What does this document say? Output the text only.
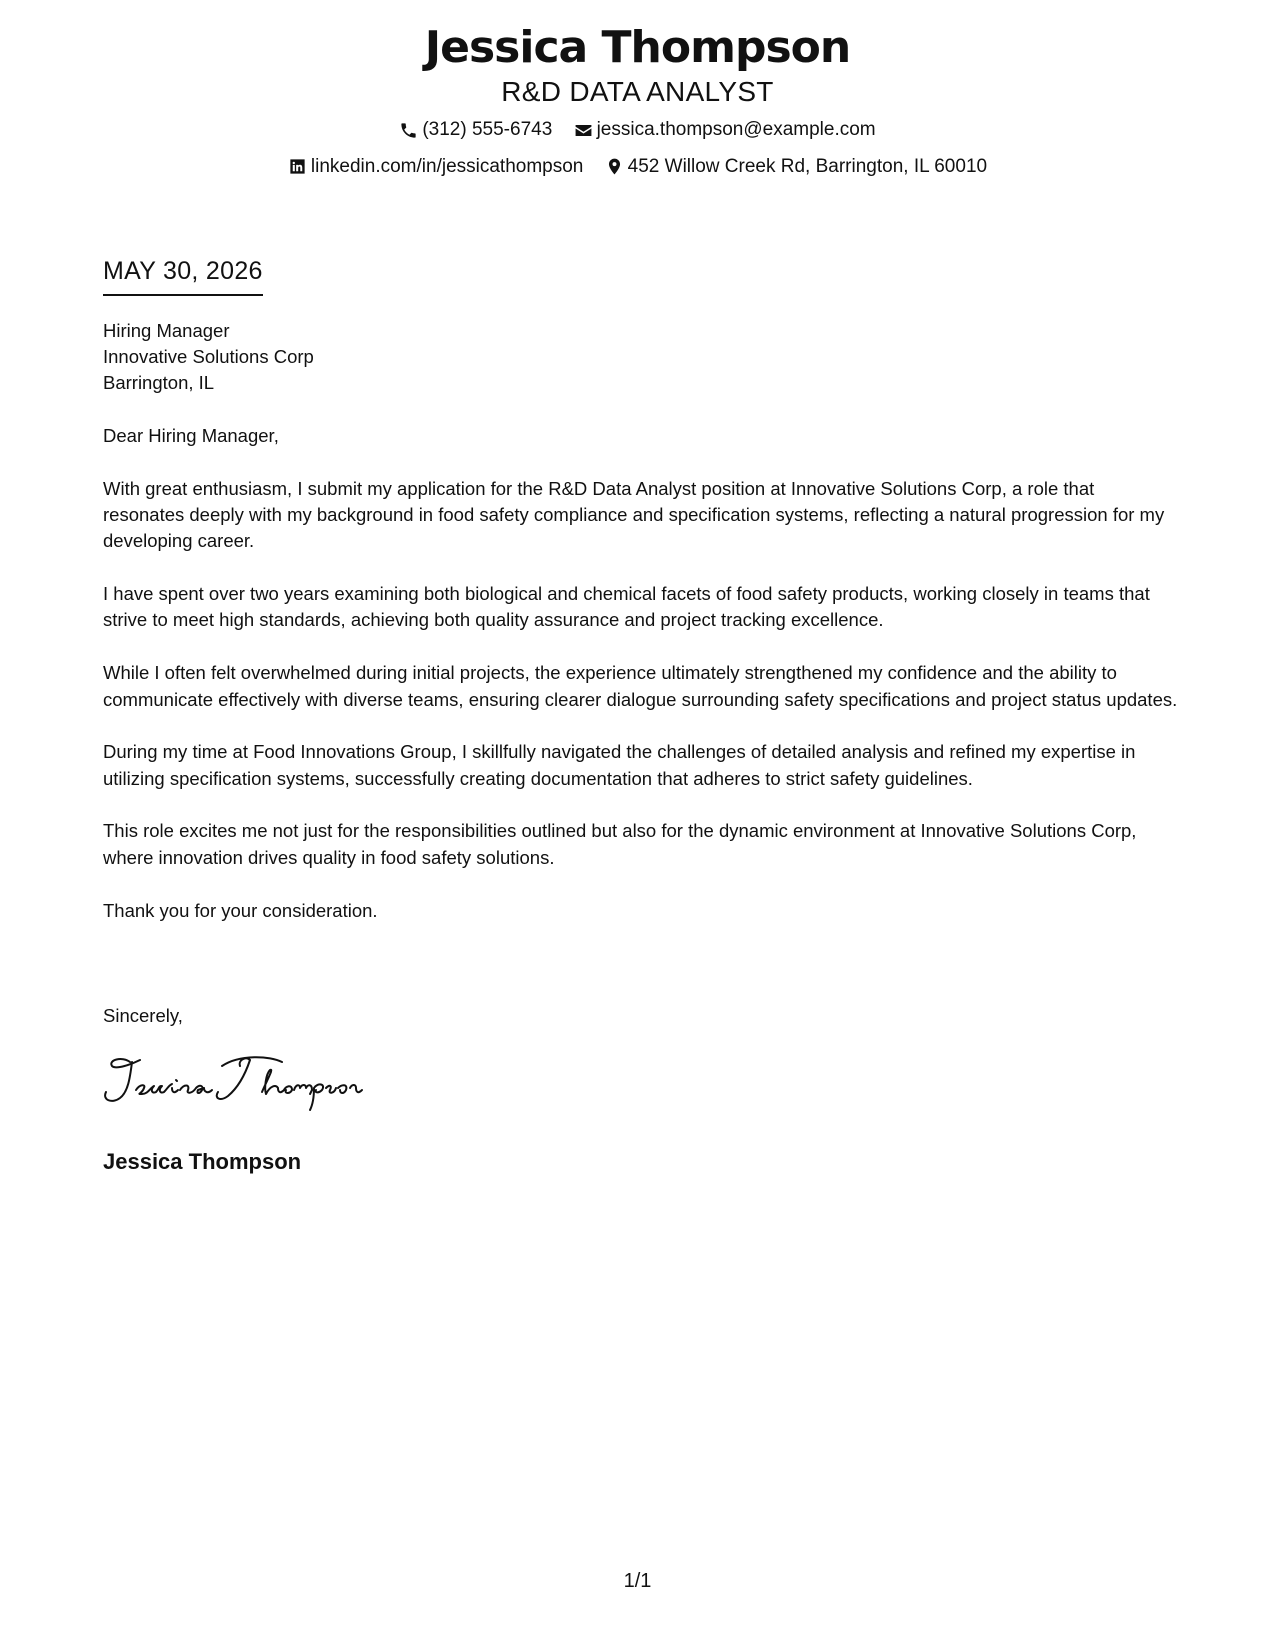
Jessica Thompson
R&D DATA ANALYST
(312) 555-6743
jessica.thompson@example.com
linkedin.com/in/jessicathompson
452 Willow Creek Rd, Barrington, IL 60010
MAY 30, 2026
Hiring Manager
Innovative Solutions Corp
Barrington, IL

Dear Hiring Manager,

With great enthusiasm, I submit my application for the R&D Data Analyst position at Innovative Solutions Corp, a role that resonates deeply with my background in food safety compliance and specification systems, reflecting a natural progression for my developing career.

I have spent over two years examining both biological and chemical facets of food safety products, working closely in teams that strive to meet high standards, achieving both quality assurance and project tracking excellence.

While I often felt overwhelmed during initial projects, the experience ultimately strengthened my confidence and the ability to communicate effectively with diverse teams, ensuring clearer dialogue surrounding safety specifications and project status updates.

During my time at Food Innovations Group, I skillfully navigated the challenges of detailed analysis and refined my expertise in utilizing specification systems, successfully creating documentation that adheres to strict safety guidelines.

This role excites me not just for the responsibilities outlined but also for the dynamic environment at Innovative Solutions Corp, where innovation drives quality in food safety solutions.

Thank you for your consideration.

Sincerely,
Jessica Thompson
1/1
